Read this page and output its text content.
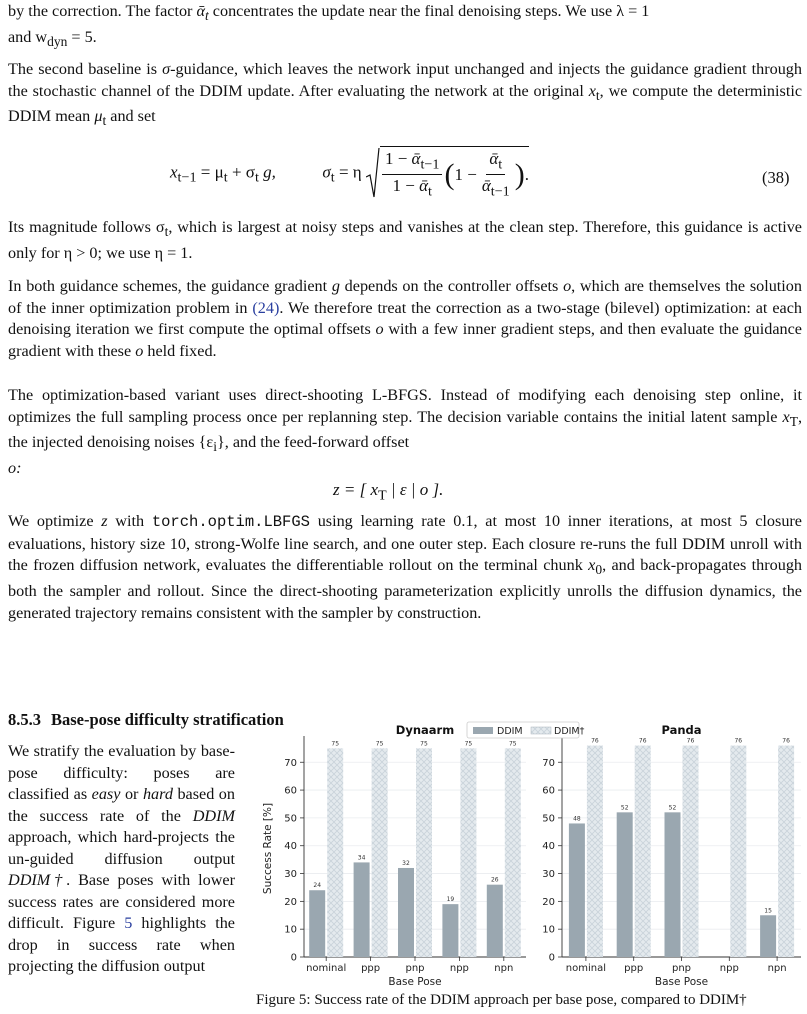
by the correction. The factor ᾱ$_t$ concentrates the update near the final denoising steps. We use λ = 1
and $w_{dyn} = 5$.

The second baseline is σ-guidance, which leaves the network input unchanged and injects the guidance gradient through the stochastic channel of the DDIM update. After evaluating the network at the original $x_t$, we compute the deterministic DDIM mean $\mu_t$ and set

$x_{t-1} = \mu_t + \sigma_t$ g,	$\sigma_t = \eta \frac{1 - ᾱ_{t-1}}{1 - ᾱ_t}$ ( $1 - \frac{ᾱ_t}{ᾱ_{t-1}}$ ) .	(38)

Its magnitude follows $\sigma_t$, which is largest at noisy steps and vanishes at the clean step. Therefore, this guidance is active only for η > 0; we use η = 1.

In both guidance schemes, the guidance gradient g depends on the controller offsets o, which are themselves the solution of the inner optimization problem in (24). We therefore treat the correction as a two-stage (bilevel) optimization: at each denoising iteration we first compute the optimal offsets o with a few inner gradient steps, and then evaluate the guidance gradient with these o held fixed.

The optimization-based variant uses direct-shooting L-BFGS. Instead of modifying each denoising step online, it optimizes the full sampling process once per replanning step. The decision variable contains the initial latent sample $x_T$, the injected denoising noises $\{\varepsilon_i\}$, and the feed-forward offset
o:

z = [ $x_T$ | ε | o ].

We optimize z with torch.optim.LBFGS using learning rate 0.1, at most 10 inner iterations, at most 5 closure evaluations, history size 10, strong-Wolfe line search, and one outer step. Each closure re-runs the full DDIM unroll with the frozen diffusion network, evaluates the differentiable rollout on the terminal chunk $x_0$, and back-propagates through both the sampler and rollout. Since the direct-shooting parameterization explicitly unrolls the diffusion dynamics, the generated trajectory remains consistent with the sampler by construction.

8.5.3 Base-pose difficulty stratification

We stratify the evaluation by base-pose difficulty: poses are classified as easy or hard based on the success rate of the DDIM approach, which hard-projects the un-guided diffusion output DDIM†. Base poses with lower success rates are considered more difficult. Figure 5 highlights the drop in success rate when projecting the diffusion output	0
10
20
30
40
50
60
70
Dynaarm
24
75
nominal
34
75
ppp
32
75
pnp
19
75
npp
26
75
npn
Base Pose
Success Rate [%]
0
10
20
30
40
50
60
70
Panda
48
76
nominal
52
76
ppp
52
76
pnp
76
npp
15
76
npn
Base Pose
DDIM	DDIM†
Figure 5: Success rate of the DDIM approach per base pose, compared to DDIM†
